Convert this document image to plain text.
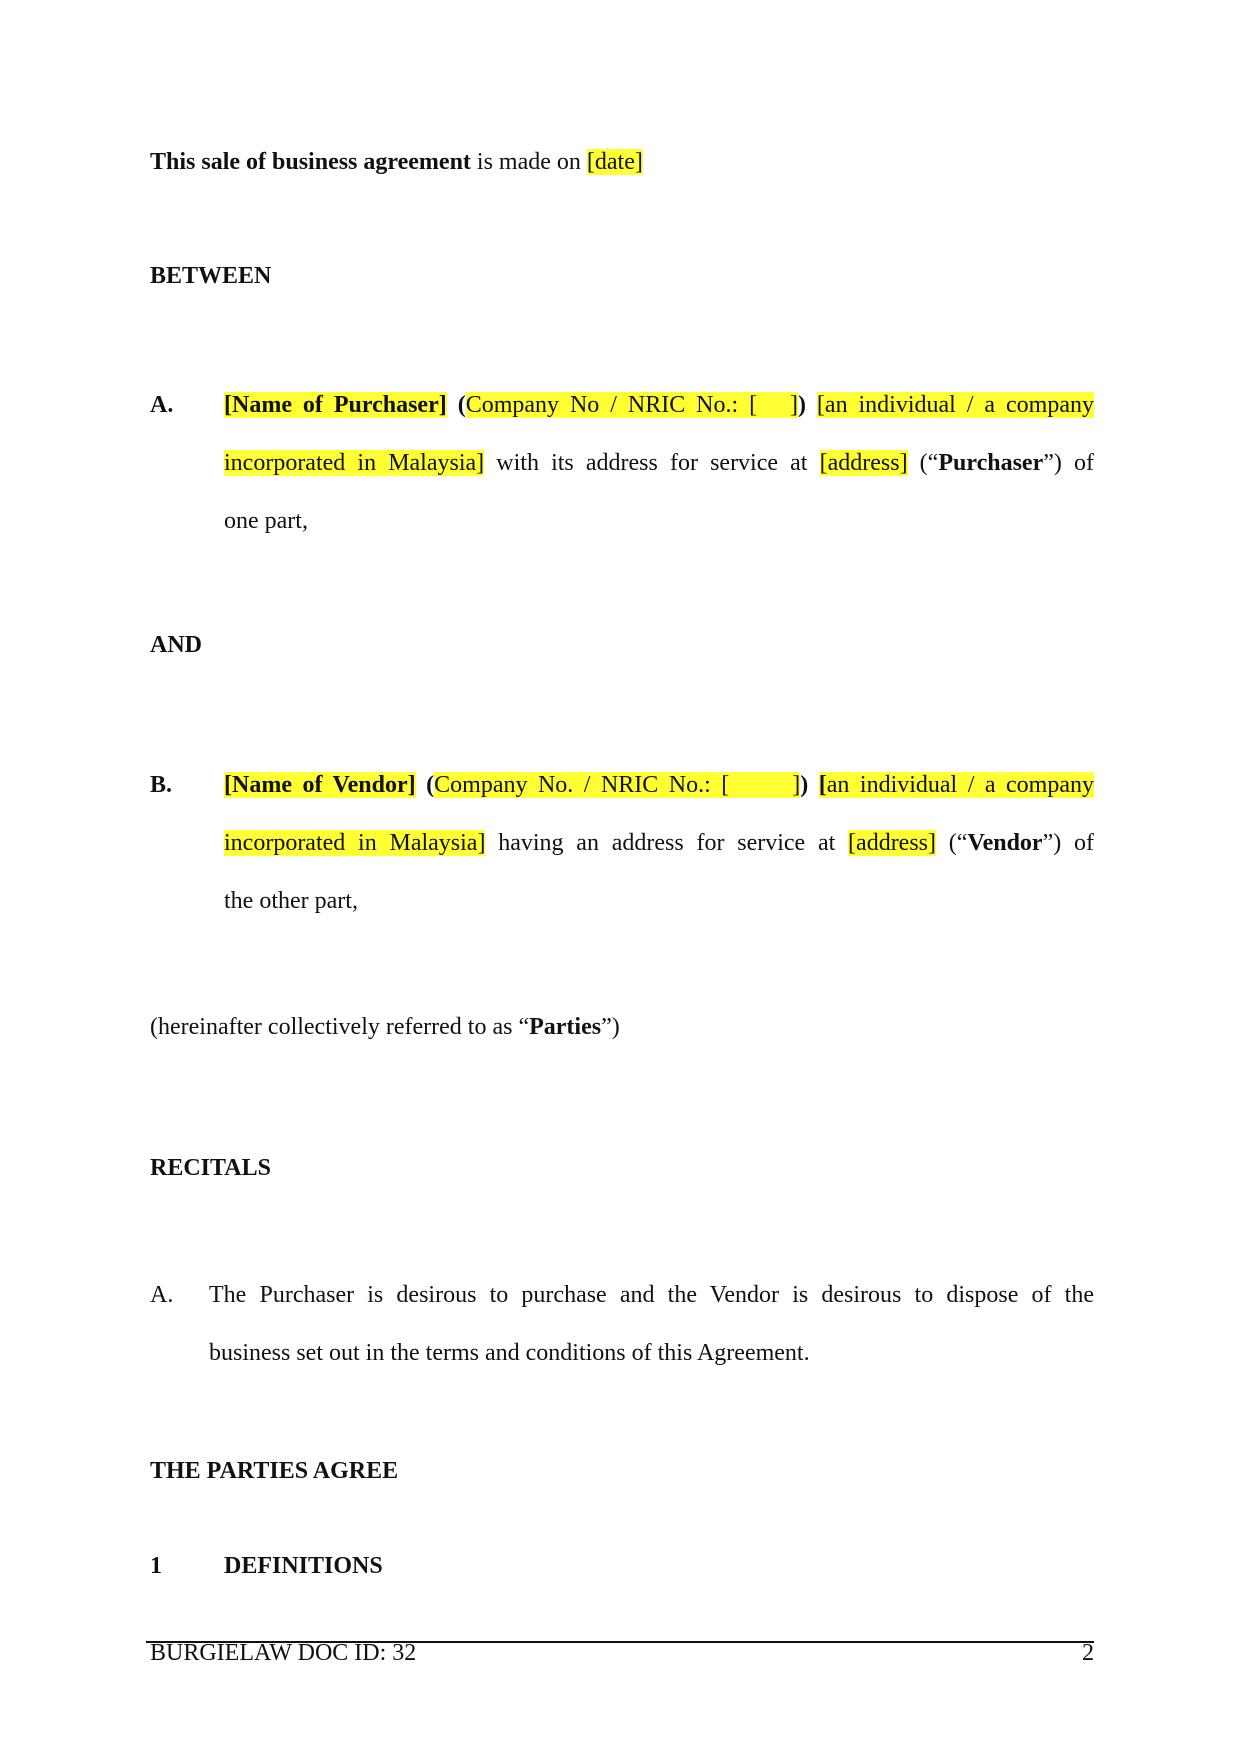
This sale of business agreement is made on [date]
BETWEEN
A. [Name of Purchaser] (Company No / NRIC No.: [ ]) [an individual / a company
incorporated in Malaysia] with its address for service at [address] (“Purchaser”) of
one part,
AND
B. [Name of Vendor] (Company No. / NRIC No.: [	]) [an individual / a company
incorporated in Malaysia] having an address for service at [address] (“Vendor”) of
the other part,
(hereinafter collectively referred to as “Parties”)
RECITALS
A. The Purchaser is desirous to purchase and the Vendor is desirous to dispose of the
business set out in the terms and conditions of this Agreement.
THE PARTIES AGREE
1	DEFINITIONS
BURGIELAW DOC ID: 32	2
